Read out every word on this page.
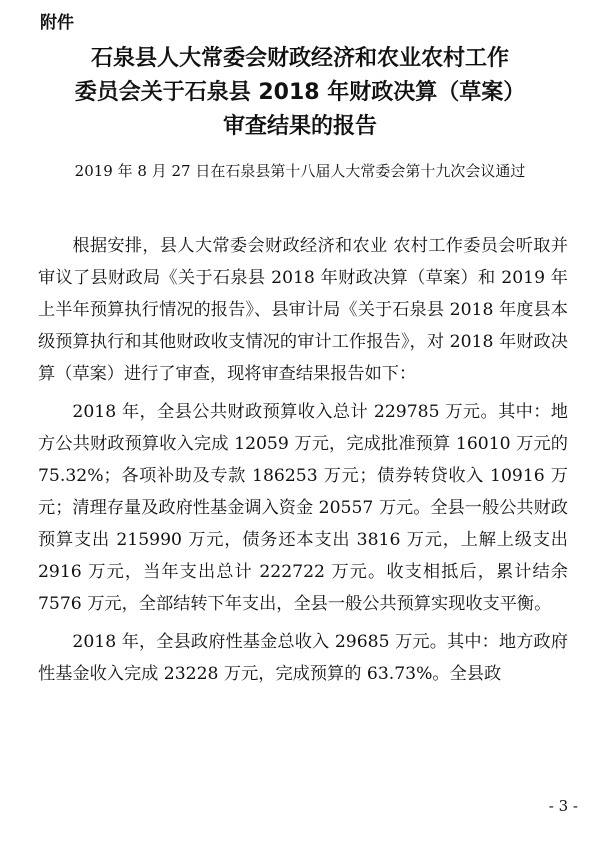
附件
石泉县人大常委会财政经济和农业农村工作
委员会关于石泉县 2018 年财政决算（草案）
审查结果的报告
2019 年 8 月 27 日在石泉县第十八届人大常委会第十九次会议通过

根据安排，县人大常委会财政经济和农业 农村工作委员会听取并审议了县财政局《关于石泉县 2018 年财政决算（草案）和 2019 年上半年预算执行情况的报告》、县审计局《关于石泉县 2018 年度县本级预算执行和其他财政收支情况的审计工作报告》，对 2018 年财政决算（草案）进行了审查，现将审查结果报告如下：

2018 年，全县公共财政预算收入总计 229785 万元。其中：地方公共财政预算收入完成 12059 万元，完成批准预算 16010 万元的 75.32%；各项补助及专款 186253 万元；债券转贷收入 10916 万元；清理存量及政府性基金调入资金 20557 万元。全县一般公共财政预算支出 215990 万元，债务还本支出 3816 万元，上解上级支出 2916 万元，当年支出总计 222722 万元。收支相抵后，累计结余 7576 万元，全部结转下年支出，全县一般公共预算实现收支平衡。

2018 年，全县政府性基金总收入 29685 万元。其中：地方政府性基金收入完成 23228 万元，完成预算的 63.73%。全县政

- 3 -
